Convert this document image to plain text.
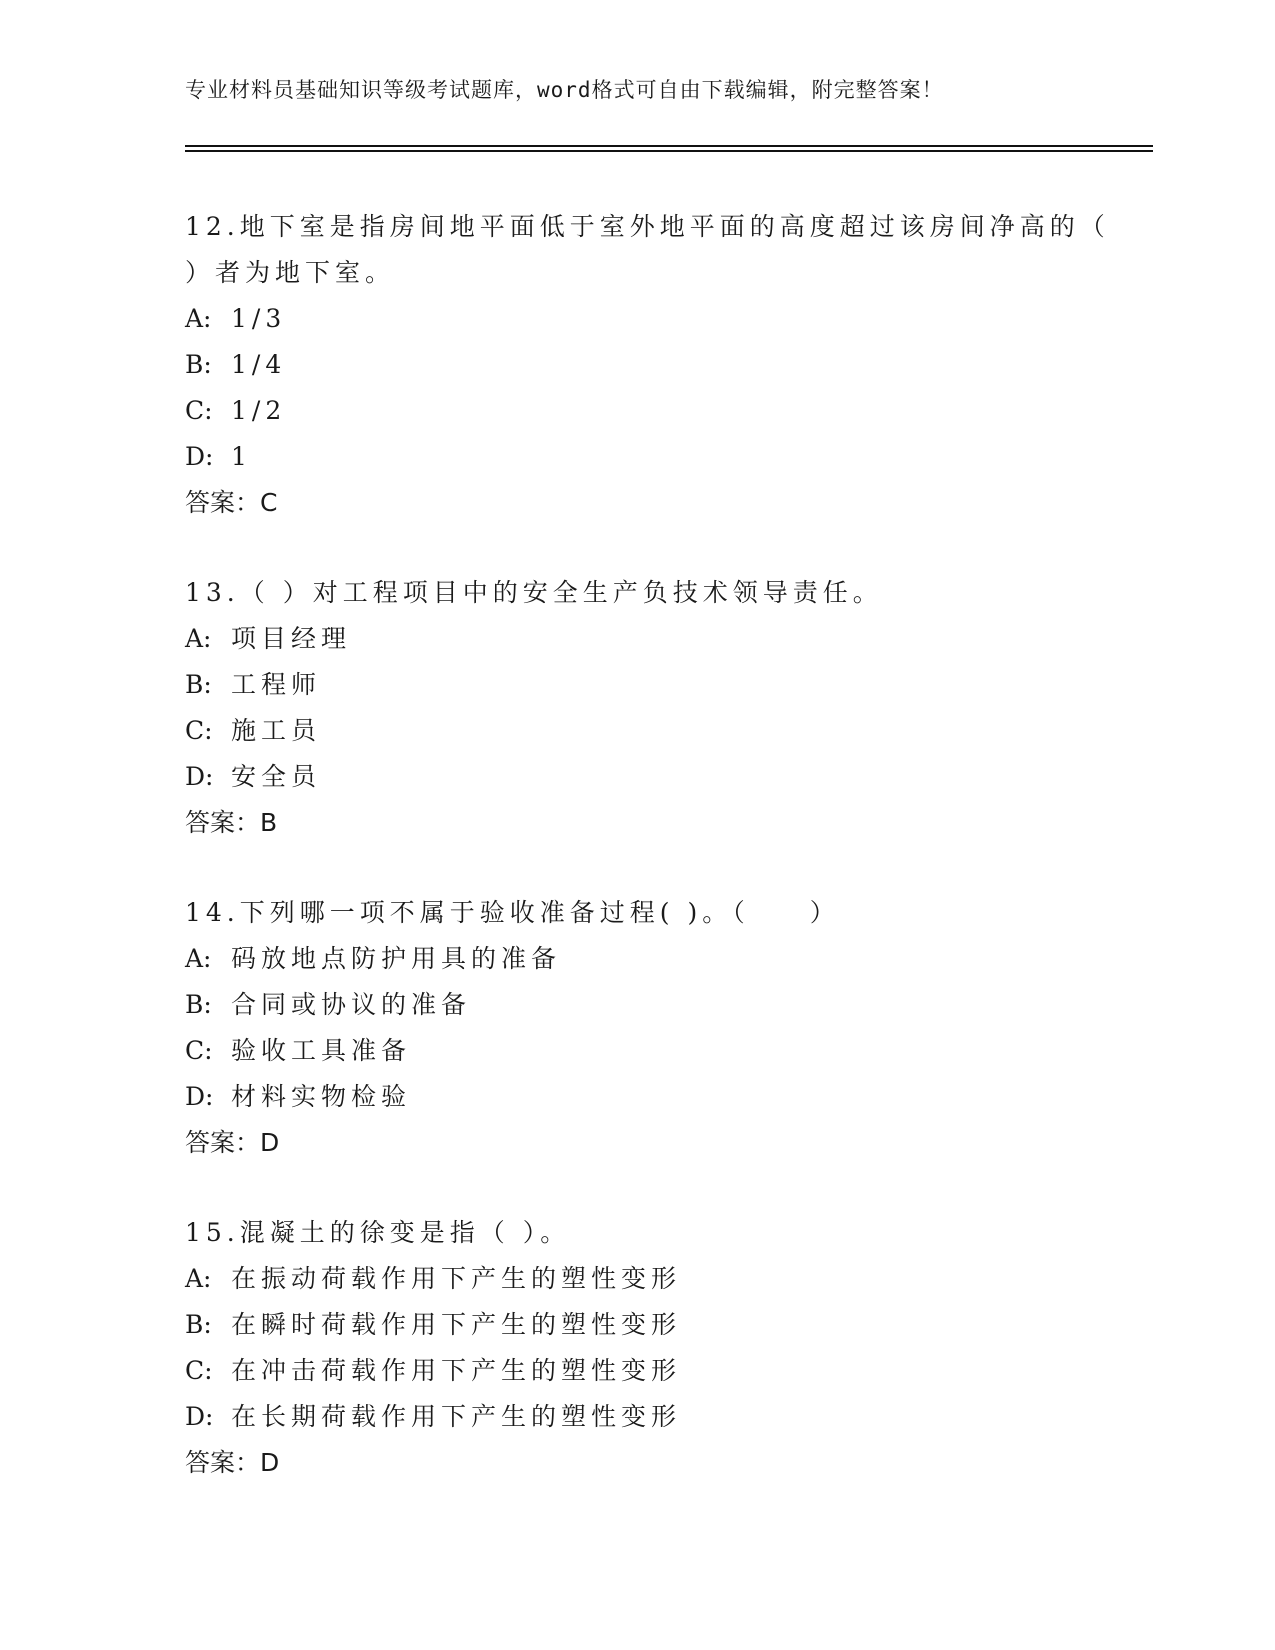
专业材料员基础知识等级考试题库，word格式可自由下载编辑，附完整答案！
12.地下室是指房间地平面低于室外地平面的高度超过该房间净高的（
）者为地下室。
A: 1/3
B: 1/4
C: 1/2
D: 1
答案：C
13.（ ）对工程项目中的安全生产负技术领导责任。
A: 项目经理
B: 工程师
C: 施工员
D: 安全员
答案：B
14.下列哪一项不属于验收准备过程( )。（　　）
A: 码放地点防护用具的准备
B: 合同或协议的准备
C: 验收工具准备
D: 材料实物检验
答案：D
15.混凝土的徐变是指（ ）。
A: 在振动荷载作用下产生的塑性变形
B: 在瞬时荷载作用下产生的塑性变形
C: 在冲击荷载作用下产生的塑性变形
D: 在长期荷载作用下产生的塑性变形
答案：D
